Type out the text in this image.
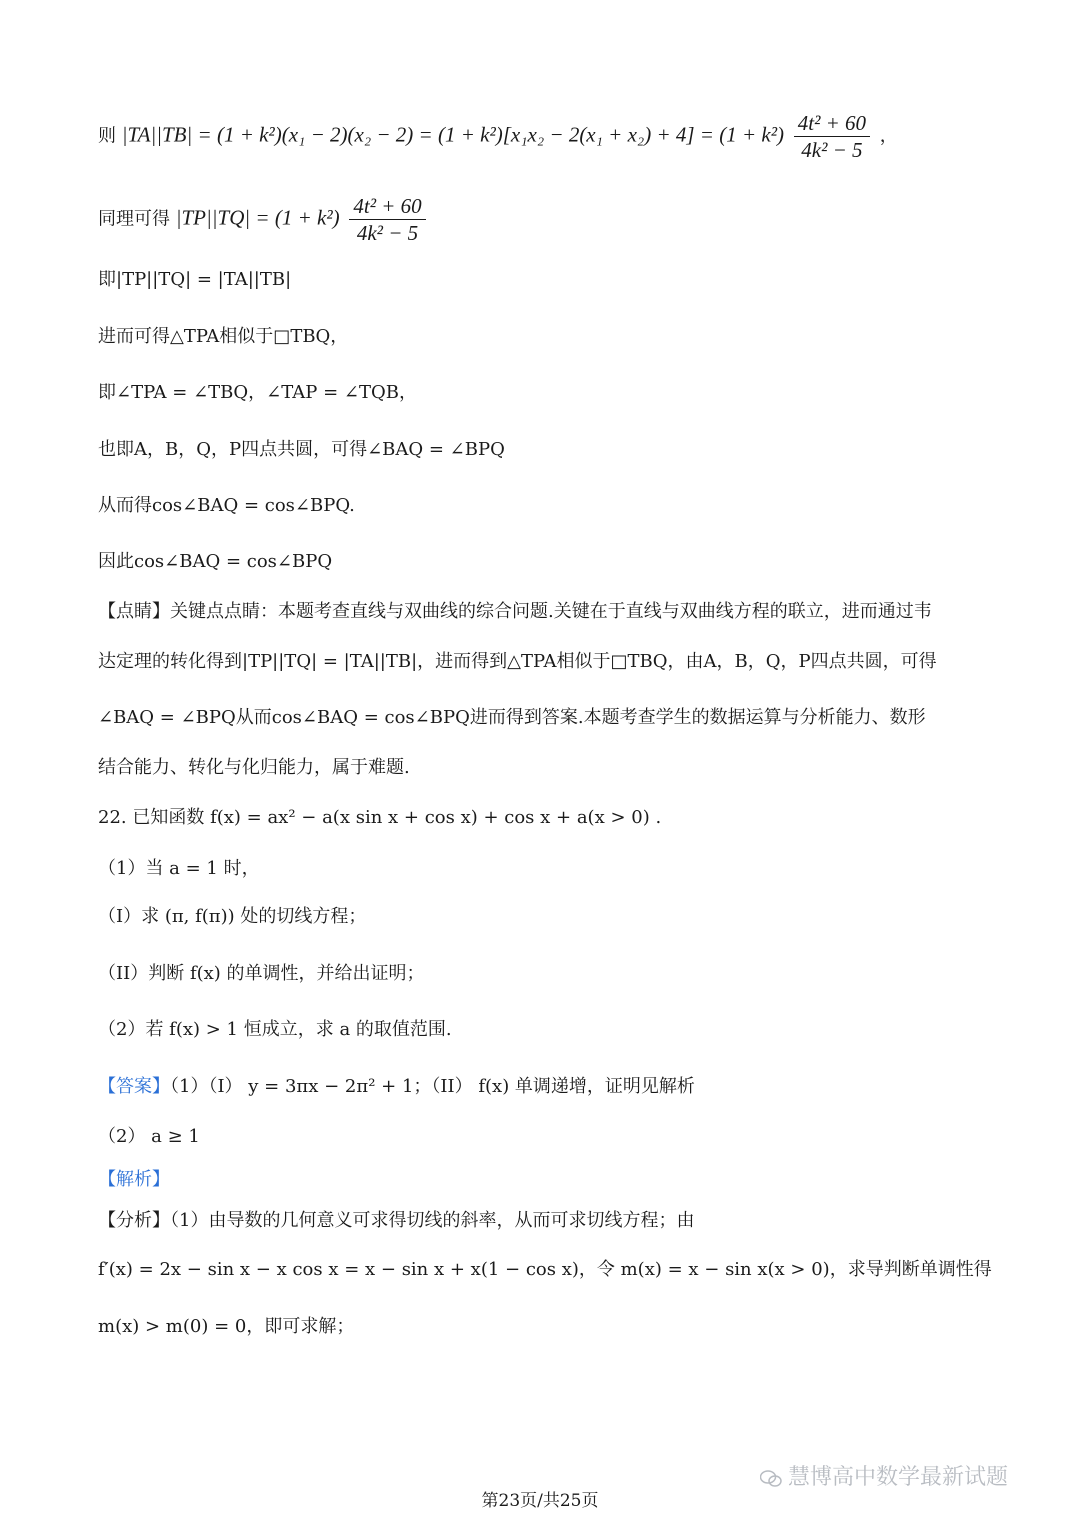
则 $|TA||TB| = (1 + k^2)(x_1 - 2)(x_2 - 2) = (1 + k^2)[x_1x_2 - 2(x_1 + x_2) + 4] = (1 + k^2) \frac{\text{4t² + 60}}{\text{4k² − 5}}$ ，
同理可得 $|TP||TQ| = (1 + k^2) \frac{\text{4t² + 60}}{\text{4k² − 5}}$
即|TP||TQ| = |TA||TB|
进而可得△TPA相似于□TBQ，
即∠TPA = ∠TBQ，∠TAP = ∠TQB，
也即A，B，Q，P四点共圆，可得∠BAQ = ∠BPQ
从而得cos∠BAQ = cos∠BPQ.
因此cos∠BAQ = cos∠BPQ
【点睛】关键点点睛：本题考查直线与双曲线的综合问题.关键在于直线与双曲线方程的联立，进而通过韦
达定理的转化得到|TP||TQ| = |TA||TB|，进而得到△TPA相似于□TBQ，由A，B，Q，P四点共圆，可得
∠BAQ = ∠BPQ从而cos∠BAQ = cos∠BPQ进而得到答案.本题考查学生的数据运算与分析能力、数形
结合能力、转化与化归能力，属于难题.
22. 已知函数 f(x) = ax² − a(x sin x + cos x) + cos x + a(x > 0) .
（1）当 a = 1 时，
（I）求 (π, f(π)) 处的切线方程；
（II）判断 f(x) 的单调性，并给出证明；
（2）若 f(x) > 1 恒成立，求 a 的取值范围.
【答案】（1）（I） y = 3πx − 2π² + 1；（II） f(x) 单调递增，证明见解析
（2） a ≥ 1
【解析】
【分析】（1）由导数的几何意义可求得切线的斜率，从而可求切线方程；由
f′(x) = 2x − sin x − x cos x = x − sin x + x(1 − cos x)，令 m(x) = x − sin x(x > 0)，求导判断单调性得
m(x) > m(0) = 0，即可求解；
慧博高中数学最新试题
第23页/共25页
